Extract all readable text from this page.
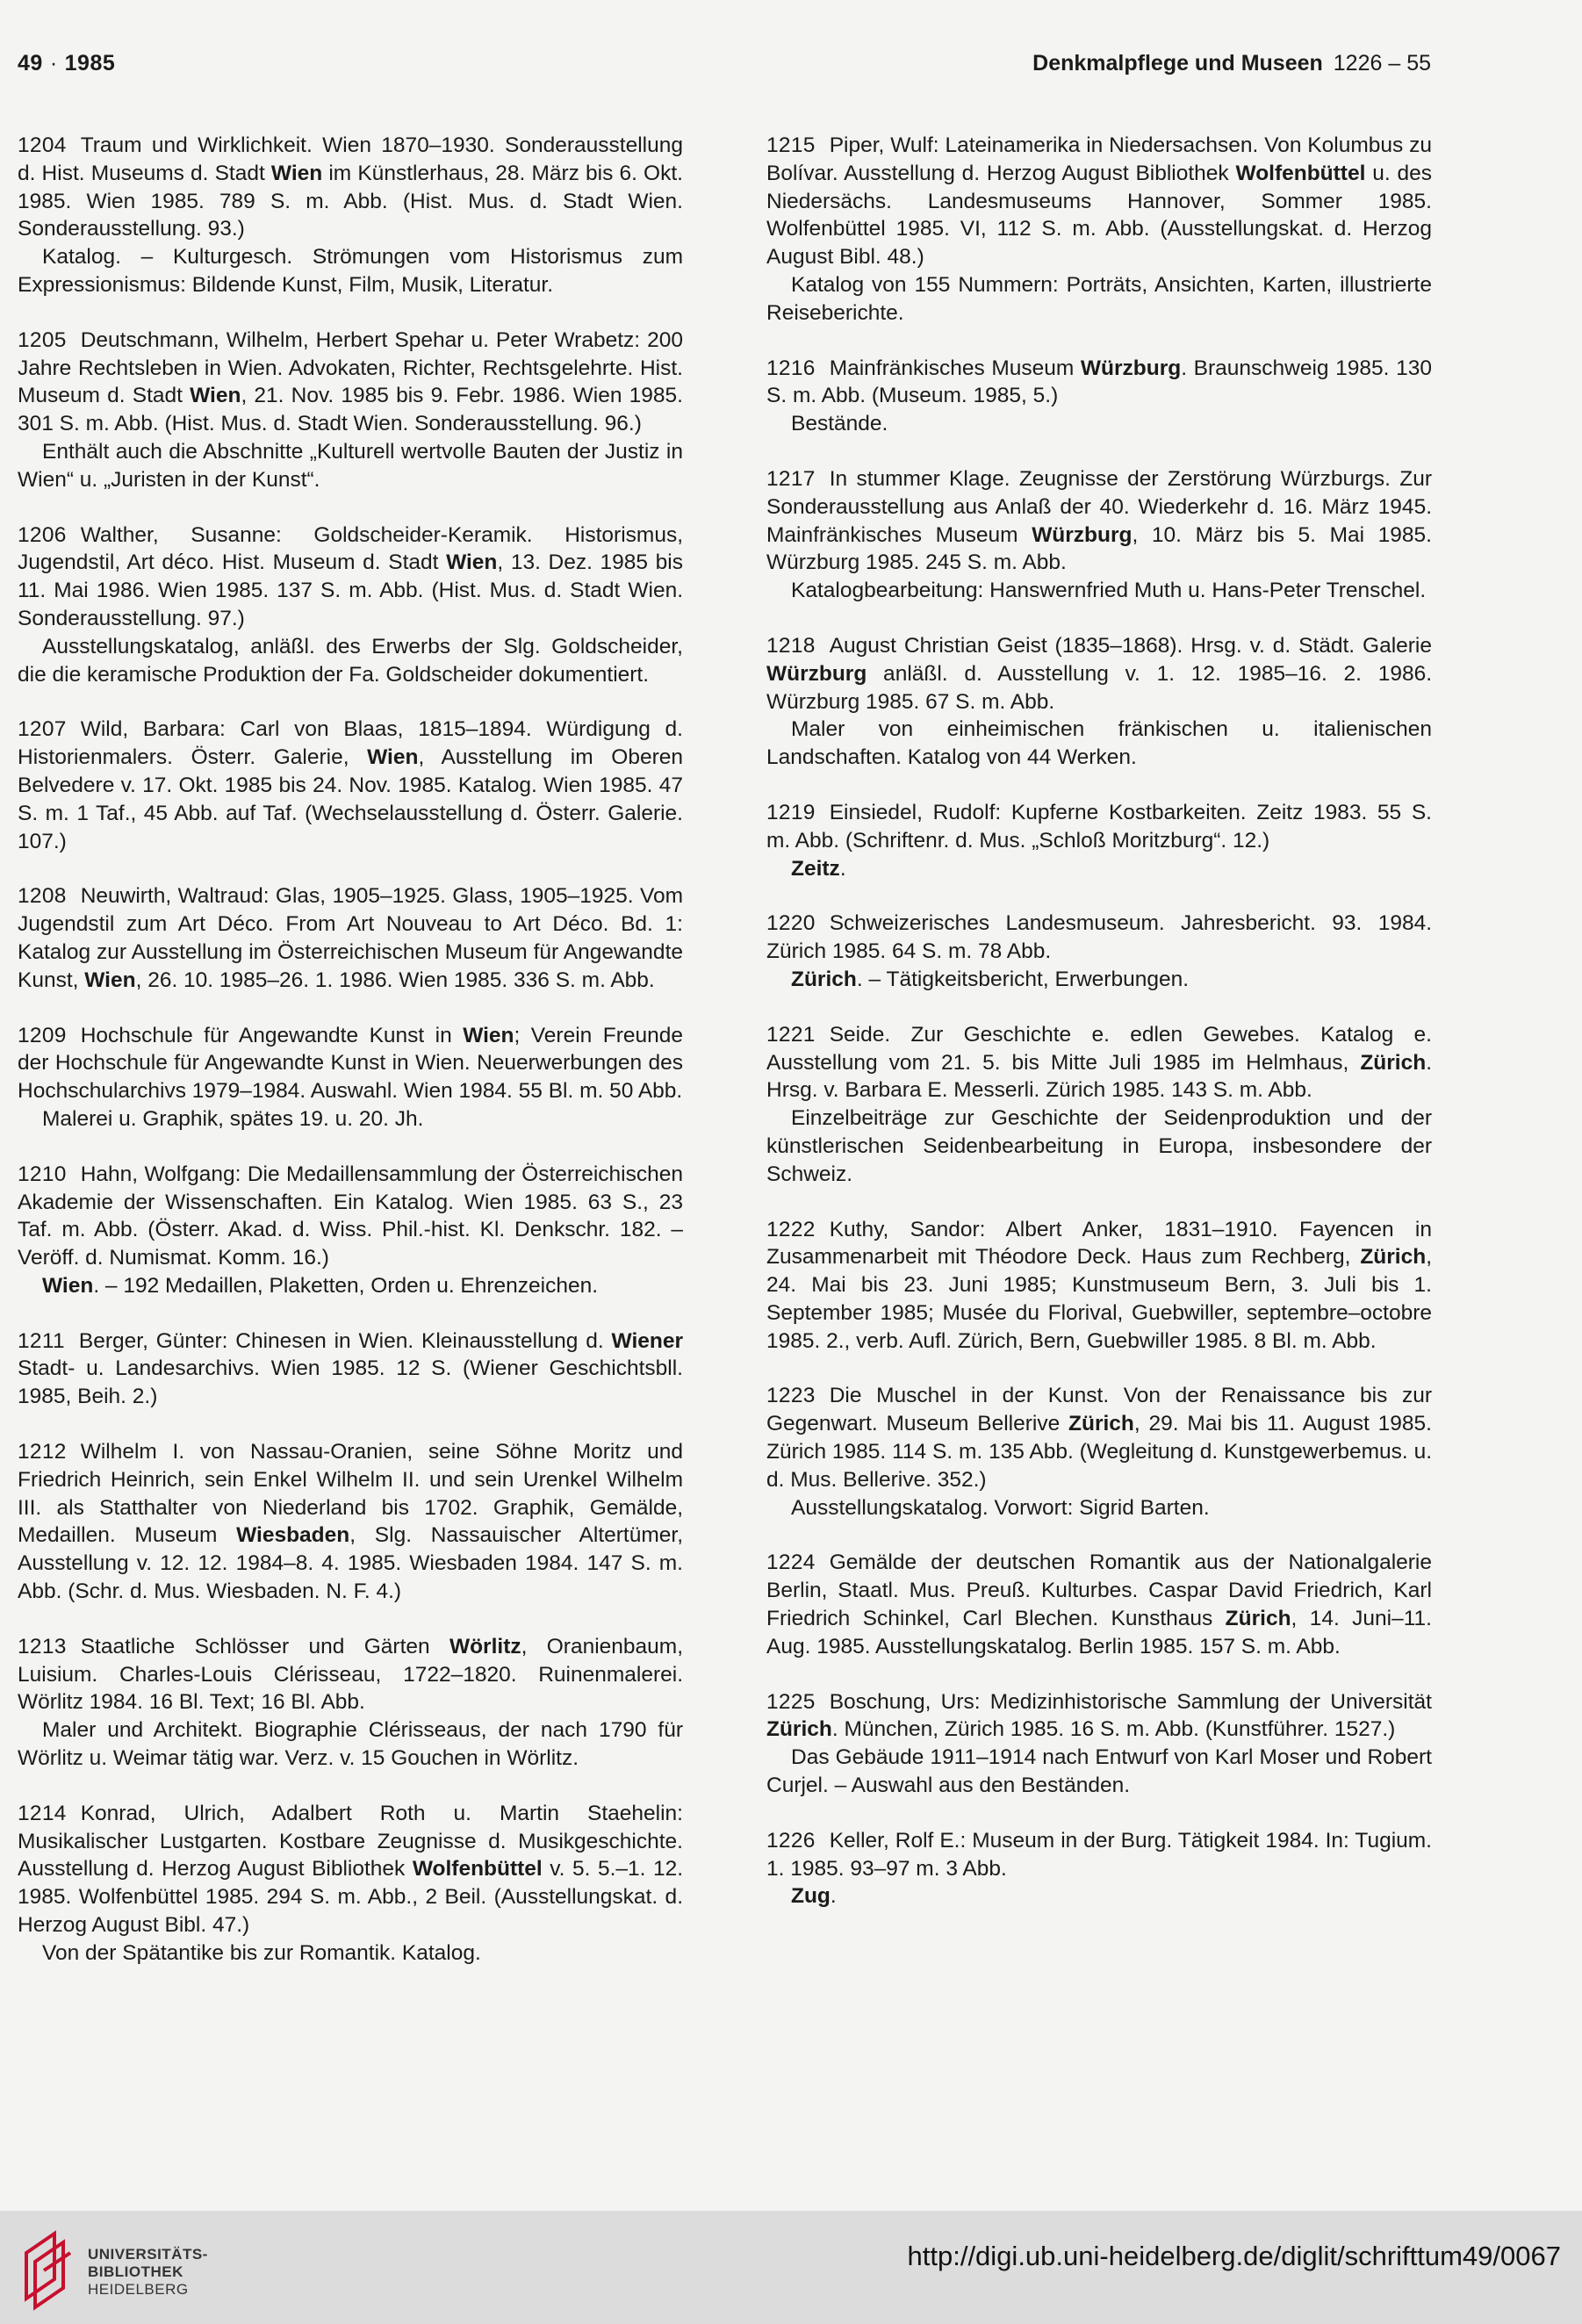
49 · 1985	Denkmalpflege und Museen 1226 – 55

1204 Traum und Wirklichkeit. Wien 1870–1930. Sonderausstellung d. Hist. Museums d. Stadt Wien im Künstlerhaus, 28. März bis 6. Okt. 1985. Wien 1985. 789 S. m. Abb. (Hist. Mus. d. Stadt Wien. Sonderausstellung. 93.)

Katalog. – Kulturgesch. Strömungen vom Historismus zum Expressionismus: Bildende Kunst, Film, Musik, Literatur.

1205 Deutschmann, Wilhelm, Herbert Spehar u. Peter Wrabetz: 200 Jahre Rechtsleben in Wien. Advokaten, Richter, Rechtsgelehrte. Hist. Museum d. Stadt Wien, 21. Nov. 1985 bis 9. Febr. 1986. Wien 1985. 301 S. m. Abb. (Hist. Mus. d. Stadt Wien. Sonderausstellung. 96.)

Enthält auch die Abschnitte „Kulturell wertvolle Bauten der Justiz in Wien“ u. „Juristen in der Kunst“.

1206 Walther, Susanne: Goldscheider-Keramik. Historismus, Jugendstil, Art déco. Hist. Museum d. Stadt Wien, 13. Dez. 1985 bis 11. Mai 1986. Wien 1985. 137 S. m. Abb. (Hist. Mus. d. Stadt Wien. Sonderausstellung. 97.)

Ausstellungskatalog, anläßl. des Erwerbs der Slg. Goldscheider, die die keramische Produktion der Fa. Goldscheider dokumentiert.

1207 Wild, Barbara: Carl von Blaas, 1815–1894. Würdigung d. Historienmalers. Österr. Galerie, Wien, Ausstellung im Oberen Belvedere v. 17. Okt. 1985 bis 24. Nov. 1985. Katalog. Wien 1985. 47 S. m. 1 Taf., 45 Abb. auf Taf. (Wechselausstellung d. Österr. Galerie. 107.)

1208 Neuwirth, Waltraud: Glas, 1905–1925. Glass, 1905–1925. Vom Jugendstil zum Art Déco. From Art Nouveau to Art Déco. Bd. 1: Katalog zur Ausstellung im Österreichischen Museum für Angewandte Kunst, Wien, 26. 10. 1985–26. 1. 1986. Wien 1985. 336 S. m. Abb.

1209 Hochschule für Angewandte Kunst in Wien; Verein Freunde der Hochschule für Angewandte Kunst in Wien. Neuerwerbungen des Hochschularchivs 1979–1984. Auswahl. Wien 1984. 55 Bl. m. 50 Abb.

Malerei u. Graphik, spätes 19. u. 20. Jh.

1210 Hahn, Wolfgang: Die Medaillensammlung der Österreichischen Akademie der Wissenschaften. Ein Katalog. Wien 1985. 63 S., 23 Taf. m. Abb. (Österr. Akad. d. Wiss. Phil.-hist. Kl. Denkschr. 182. – Veröff. d. Numismat. Komm. 16.)

Wien. – 192 Medaillen, Plaketten, Orden u. Ehrenzeichen.

1211 Berger, Günter: Chinesen in Wien. Kleinausstellung d. Wiener Stadt- u. Landesarchivs. Wien 1985. 12 S. (Wiener Geschichtsbll. 1985, Beih. 2.)

1212 Wilhelm I. von Nassau-Oranien, seine Söhne Moritz und Friedrich Heinrich, sein Enkel Wilhelm II. und sein Urenkel Wilhelm III. als Statthalter von Niederland bis 1702. Graphik, Gemälde, Medaillen. Museum Wiesbaden, Slg. Nassauischer Altertümer, Ausstellung v. 12. 12. 1984–8. 4. 1985. Wiesbaden 1984. 147 S. m. Abb. (Schr. d. Mus. Wiesbaden. N. F. 4.)

1213 Staatliche Schlösser und Gärten Wörlitz, Oranienbaum, Luisium. Charles-Louis Clérisseau, 1722–1820. Ruinenmalerei. Wörlitz 1984. 16 Bl. Text; 16 Bl. Abb.

Maler und Architekt. Biographie Clérisseaus, der nach 1790 für Wörlitz u. Weimar tätig war. Verz. v. 15 Gouchen in Wörlitz.

1214 Konrad, Ulrich, Adalbert Roth u. Martin Staehelin: Musikalischer Lustgarten. Kostbare Zeugnisse d. Musikgeschichte. Ausstellung d. Herzog August Bibliothek Wolfenbüttel v. 5. 5.–1. 12. 1985. Wolfenbüttel 1985. 294 S. m. Abb., 2 Beil. (Ausstellungskat. d. Herzog August Bibl. 47.)

Von der Spätantike bis zur Romantik. Katalog.

1215 Piper, Wulf: Lateinamerika in Niedersachsen. Von Kolumbus zu Bolívar. Ausstellung d. Herzog August Bibliothek Wolfenbüttel u. des Niedersächs. Landesmuseums Hannover, Sommer 1985. Wolfenbüttel 1985. VI, 112 S. m. Abb. (Ausstellungskat. d. Herzog August Bibl. 48.)

Katalog von 155 Nummern: Porträts, Ansichten, Karten, illustrierte Reiseberichte.

1216 Mainfränkisches Museum Würzburg. Braunschweig 1985. 130 S. m. Abb. (Museum. 1985, 5.)

Bestände.

1217 In stummer Klage. Zeugnisse der Zerstörung Würzburgs. Zur Sonderausstellung aus Anlaß der 40. Wiederkehr d. 16. März 1945. Mainfränkisches Museum Würzburg, 10. März bis 5. Mai 1985. Würzburg 1985. 245 S. m. Abb.

Katalogbearbeitung: Hanswernfried Muth u. Hans-Peter Trenschel.

1218 August Christian Geist (1835–1868). Hrsg. v. d. Städt. Galerie Würzburg anläßl. d. Ausstellung v. 1. 12. 1985–16. 2. 1986. Würzburg 1985. 67 S. m. Abb.

Maler von einheimischen fränkischen u. italienischen Landschaften. Katalog von 44 Werken.

1219 Einsiedel, Rudolf: Kupferne Kostbarkeiten. Zeitz 1983. 55 S. m. Abb. (Schriftenr. d. Mus. „Schloß Moritzburg“. 12.)

Zeitz.

1220 Schweizerisches Landesmuseum. Jahresbericht. 93. 1984. Zürich 1985. 64 S. m. 78 Abb.

Zürich. – Tätigkeitsbericht, Erwerbungen.

1221 Seide. Zur Geschichte e. edlen Gewebes. Katalog e. Ausstellung vom 21. 5. bis Mitte Juli 1985 im Helmhaus, Zürich. Hrsg. v. Barbara E. Messerli. Zürich 1985. 143 S. m. Abb.

Einzelbeiträge zur Geschichte der Seidenproduktion und der künstlerischen Seidenbearbeitung in Europa, insbesondere der Schweiz.

1222 Kuthy, Sandor: Albert Anker, 1831–1910. Fayencen in Zusammenarbeit mit Théodore Deck. Haus zum Rechberg, Zürich, 24. Mai bis 23. Juni 1985; Kunstmuseum Bern, 3. Juli bis 1. September 1985; Musée du Florival, Guebwiller, septembre–octobre 1985. 2., verb. Aufl. Zürich, Bern, Guebwiller 1985. 8 Bl. m. Abb.

1223 Die Muschel in der Kunst. Von der Renaissance bis zur Gegenwart. Museum Bellerive Zürich, 29. Mai bis 11. August 1985. Zürich 1985. 114 S. m. 135 Abb. (Wegleitung d. Kunstgewerbemus. u. d. Mus. Bellerive. 352.)

Ausstellungskatalog. Vorwort: Sigrid Barten.

1224 Gemälde der deutschen Romantik aus der Nationalgalerie Berlin, Staatl. Mus. Preuß. Kulturbes. Caspar David Friedrich, Karl Friedrich Schinkel, Carl Blechen. Kunsthaus Zürich, 14. Juni–11. Aug. 1985. Ausstellungskatalog. Berlin 1985. 157 S. m. Abb.

1225 Boschung, Urs: Medizinhistorische Sammlung der Universität Zürich. München, Zürich 1985. 16 S. m. Abb. (Kunstführer. 1527.)

Das Gebäude 1911–1914 nach Entwurf von Karl Moser und Robert Curjel. – Auswahl aus den Beständen.

1226 Keller, Rolf E.: Museum in der Burg. Tätigkeit 1984. In: Tugium. 1. 1985. 93–97 m. 3 Abb.

Zug.

UNIVERSITÄTS-
BIBLIOTHEK
HEIDELBERG
http://digi.ub.uni-heidelberg.de/diglit/schrifttum49/0067
